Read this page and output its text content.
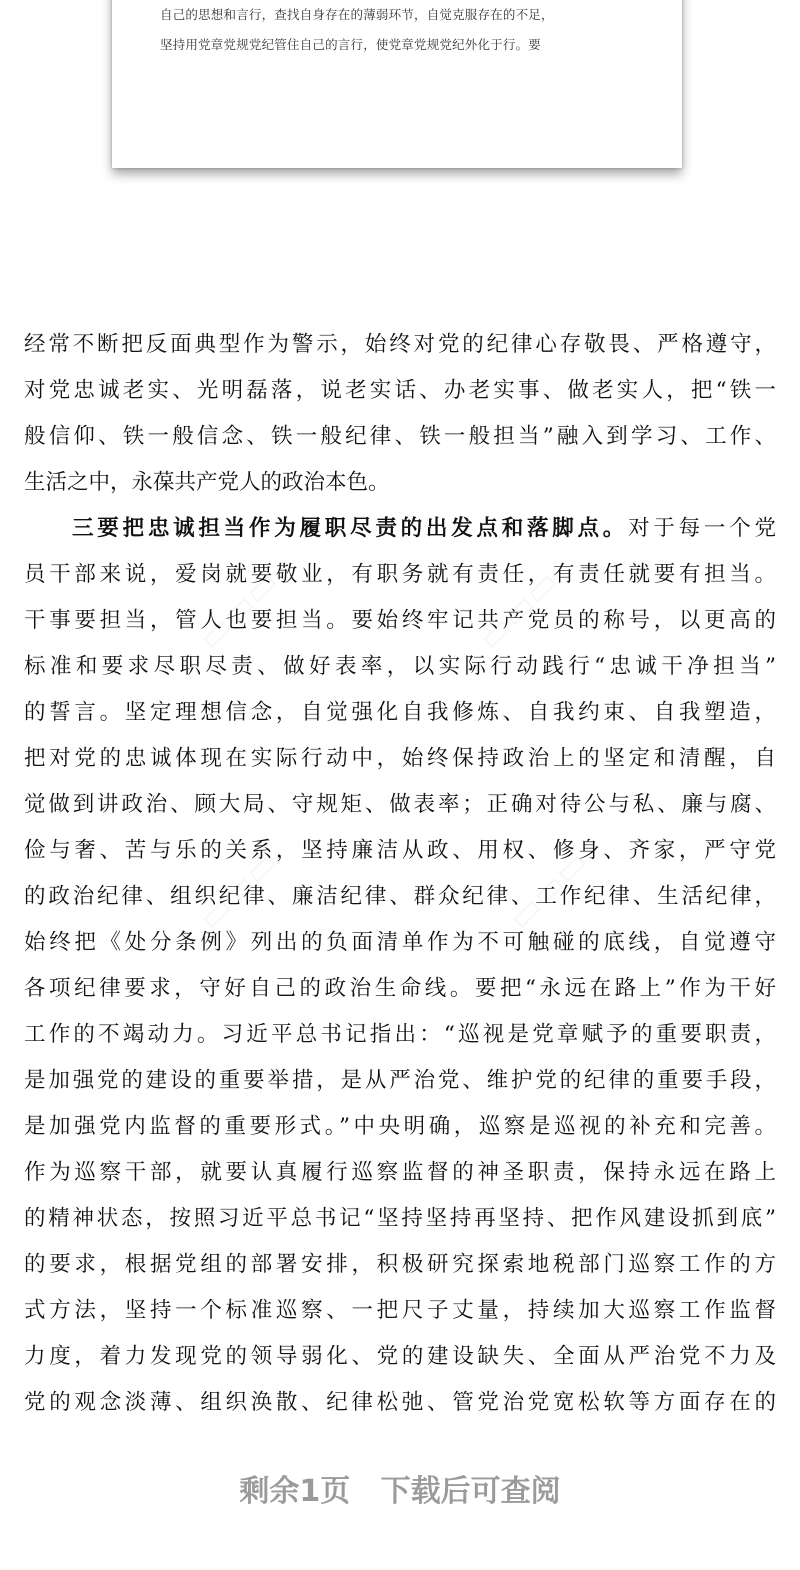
自己的思想和言行，查找自身存在的薄弱环节，自觉克服存在的不足，
坚持用党章党规党纪管住自己的言行，使党章党规党纪外化于行。要
经常不断把反面典型作为警示，始终对党的纪律心存敬畏、严格遵守，
对党忠诚老实、光明磊落，说老实话、办老实事、做老实人，把“铁一
般信仰、铁一般信念、铁一般纪律、铁一般担当”融入到学习、工作、
生活之中，永葆共产党人的政治本色。
三要把忠诚担当作为履职尽责的出发点和落脚点。对于每一个党
员干部来说，爱岗就要敬业，有职务就有责任，有责任就要有担当。
干事要担当，管人也要担当。要始终牢记共产党员的称号，以更高的
标准和要求尽职尽责、做好表率，以实际行动践行“忠诚干净担当”
的誓言。坚定理想信念，自觉强化自我修炼、自我约束、自我塑造，
把对党的忠诚体现在实际行动中，始终保持政治上的坚定和清醒，自
觉做到讲政治、顾大局、守规矩、做表率；正确对待公与私、廉与腐、
俭与奢、苦与乐的关系，坚持廉洁从政、用权、修身、齐家，严守党
的政治纪律、组织纪律、廉洁纪律、群众纪律、工作纪律、生活纪律，
始终把《处分条例》列出的负面清单作为不可触碰的底线，自觉遵守
各项纪律要求，守好自己的政治生命线。要把“永远在路上”作为干好
工作的不竭动力。习近平总书记指出：“巡视是党章赋予的重要职责，
是加强党的建设的重要举措，是从严治党、维护党的纪律的重要手段，
是加强党内监督的重要形式。”中央明确，巡察是巡视的补充和完善。
作为巡察干部，就要认真履行巡察监督的神圣职责，保持永远在路上
的精神状态，按照习近平总书记“坚持坚持再坚持、把作风建设抓到底”
的要求，根据党组的部署安排，积极研究探索地税部门巡察工作的方
式方法，坚持一个标准巡察、一把尺子丈量，持续加大巡察工作监督
力度，着力发现党的领导弱化、党的建设缺失、全面从严治党不力及
党的观念淡薄、组织涣散、纪律松弛、管党治党宽松软等方面存在的
剩余1页 下载后可查阅
